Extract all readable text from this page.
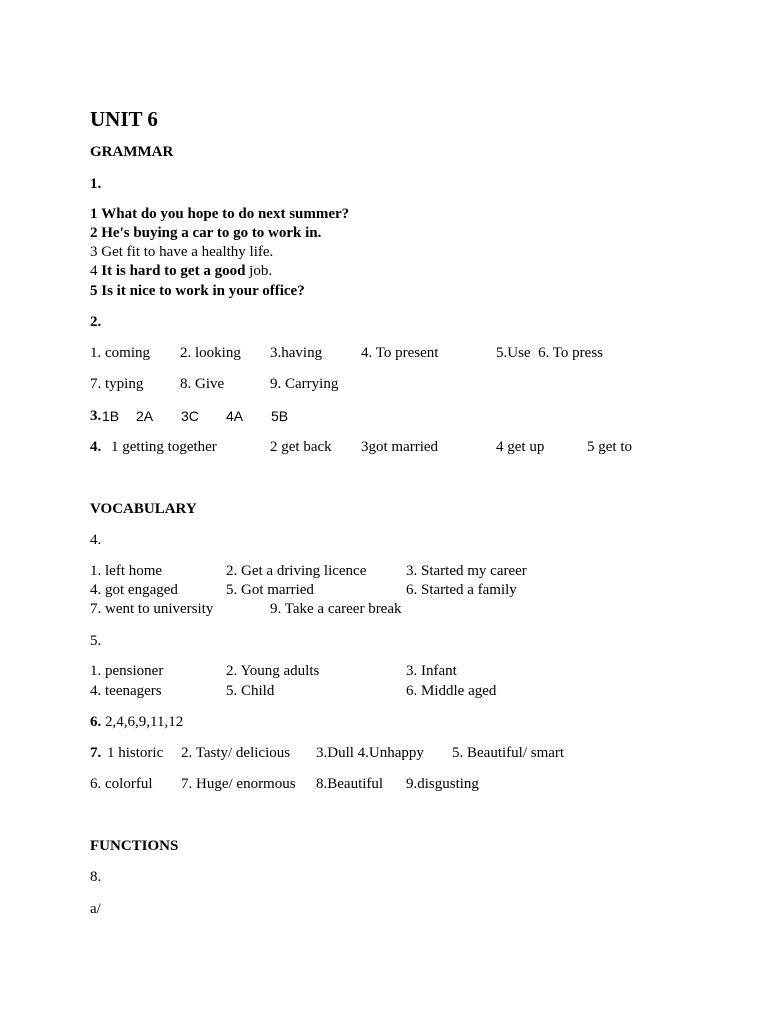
UNIT 6
GRAMMAR
1.
1 What do you hope to do next summer?
2 He's buying a car to go to work in.
3 Get fit to have a healthy life.
4 It is hard to get a good job.
5 Is it nice to work in your office?
2.
1. coming 2. looking 3.having	4. To present	5.Use  6. To press
7. typing 8. Give	9. Carrying
3. 1B 2A 3C 4A 5B
4. 1 getting together	2 get back 3got married	4 get up	5 get to
VOCABULARY
4.
1. left home	2. Get a driving licence	3. Started my career
4. got engaged	5. Got married	6. Started a family
7. went to university	9. Take a career break
5.
1. pensioner	2. Young adults	3. Infant
4. teenagers	5. Child	6. Middle aged
6. 2,4,6,9,11,12
7. 1 historic 2. Tasty/ delicious 3.Dull 4.Unhappy 5. Beautiful/ smart
6. colorful 7. Huge/ enormous 8.Beautiful 9.disgusting
FUNCTIONS
8.
a/
